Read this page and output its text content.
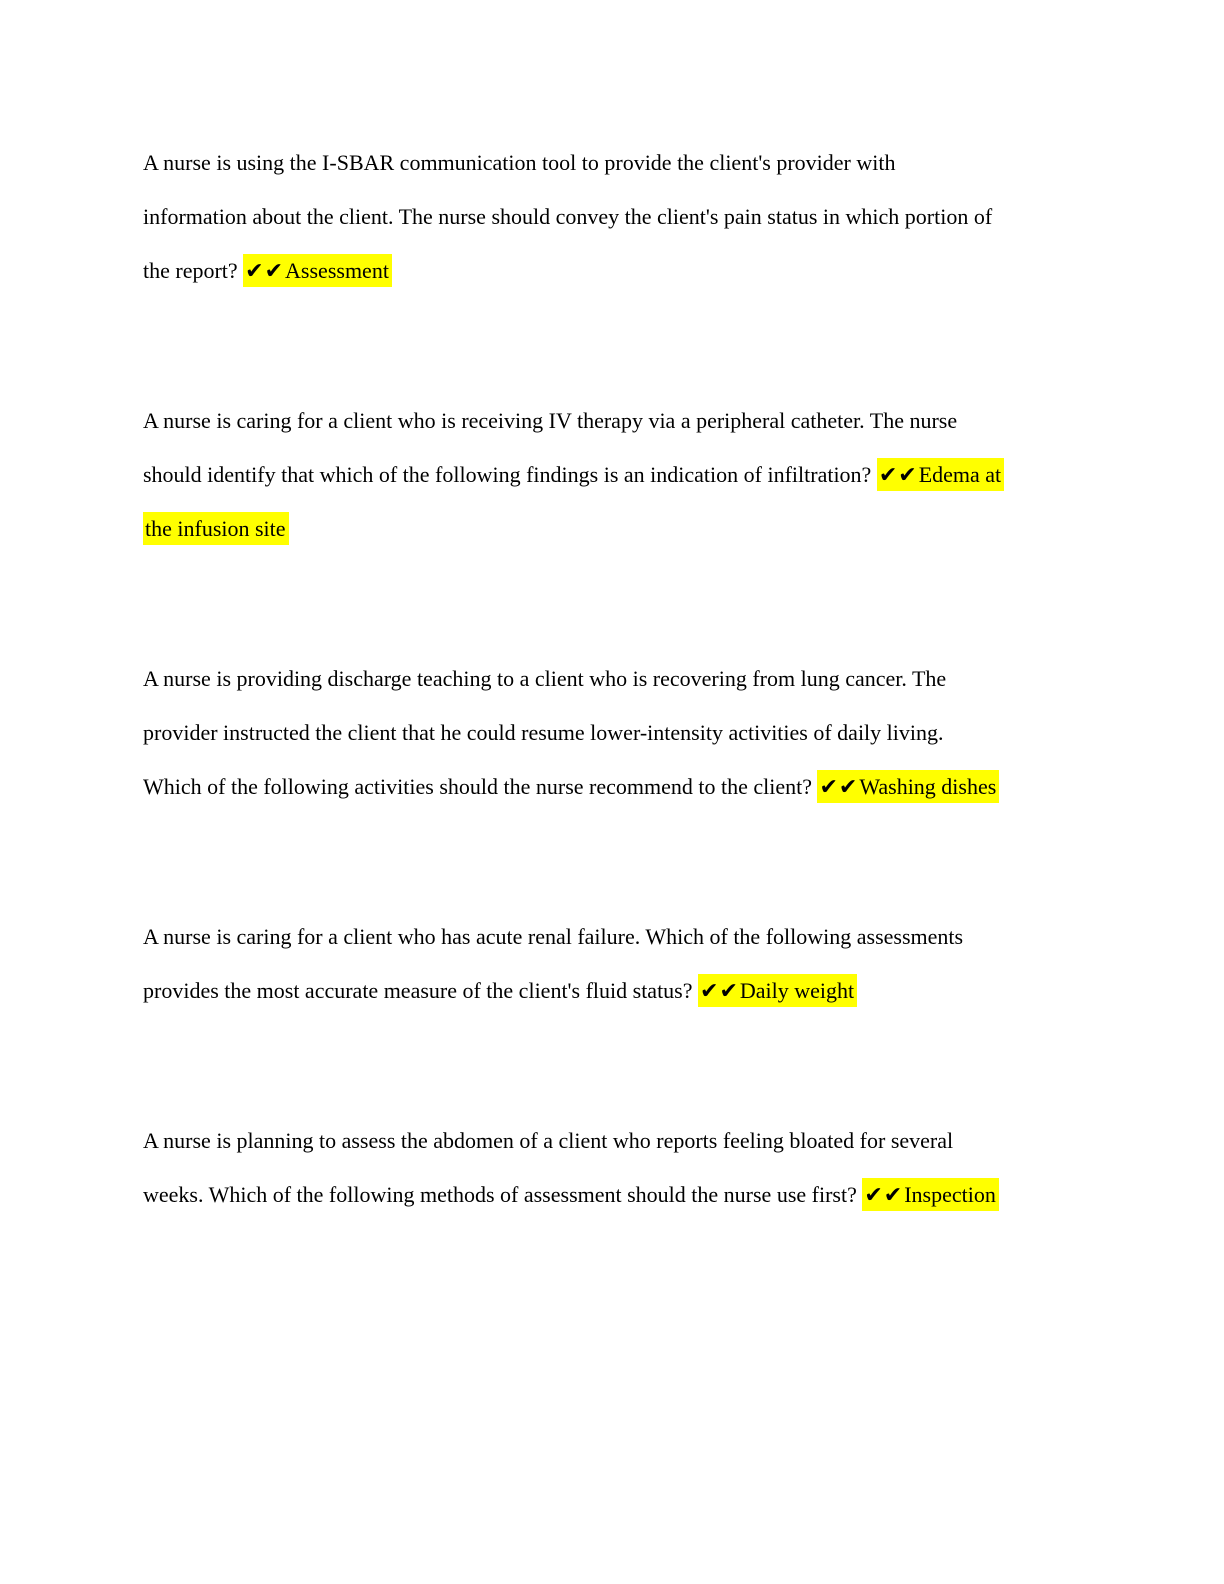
A nurse is using the I-SBAR communication tool to provide the client's provider with
information about the client. The nurse should convey the client's pain status in which portion of
the report? ✔✔Assessment
A nurse is caring for a client who is receiving IV therapy via a peripheral catheter. The nurse
should identify that which of the following findings is an indication of infiltration? ✔✔Edema at
the infusion site
A nurse is providing discharge teaching to a client who is recovering from lung cancer. The
provider instructed the client that he could resume lower-intensity activities of daily living.
Which of the following activities should the nurse recommend to the client? ✔✔Washing dishes
A nurse is caring for a client who has acute renal failure. Which of the following assessments
provides the most accurate measure of the client's fluid status? ✔✔Daily weight
A nurse is planning to assess the abdomen of a client who reports feeling bloated for several
weeks. Which of the following methods of assessment should the nurse use first? ✔✔Inspection
